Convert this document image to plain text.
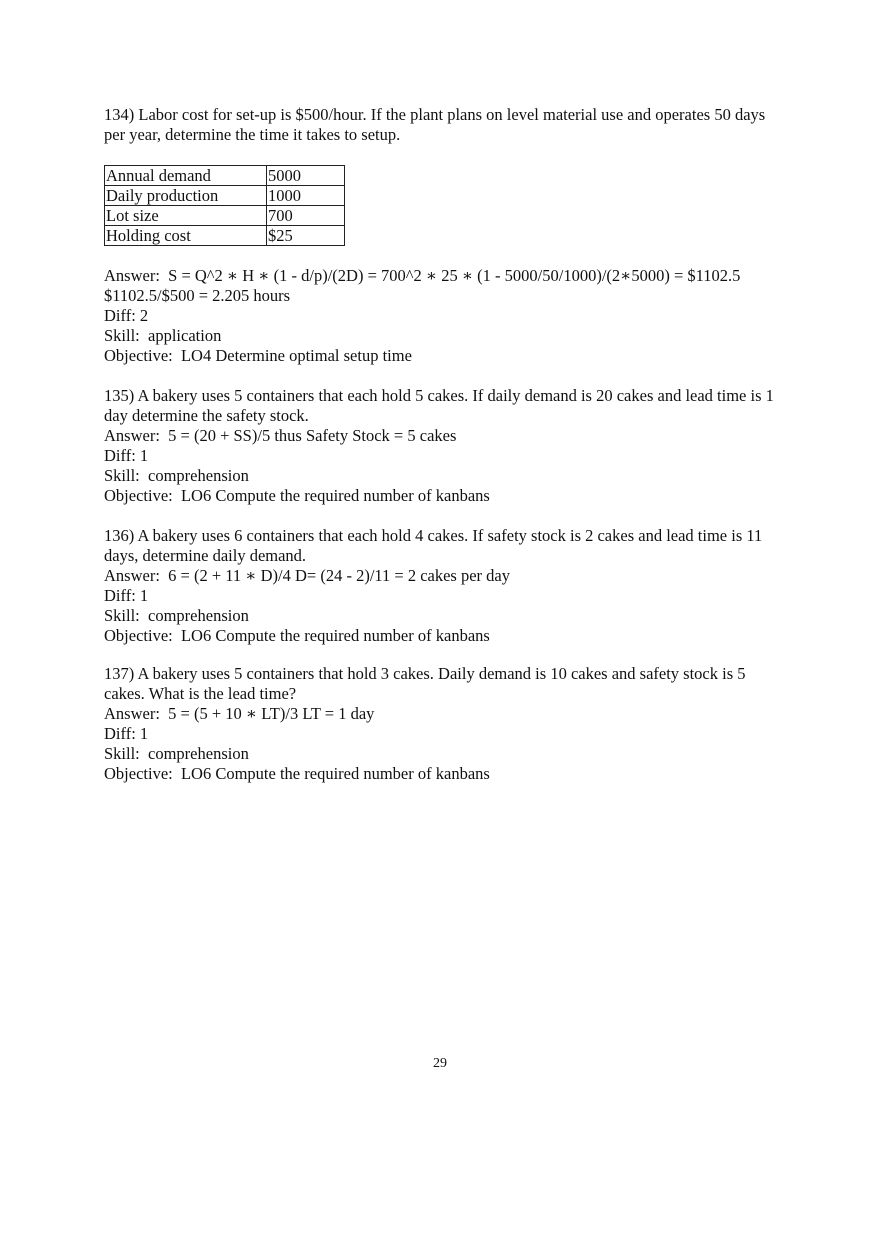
134) Labor cost for set-up is $500/hour. If the plant plans on level material use and operates 50 days per year, determine the time it takes to setup.
Annual demand	5000
Daily production	1000
Lot size	700
Holding cost	$25
Answer:  S = Q^2 ∗ H ∗ (1 - d/p)/(2D) = 700^2 ∗ 25 ∗ (1 - 5000/50/1000)/(2∗5000) = $1102.5
$1102.5/$500 = 2.205 hours
Diff: 2
Skill:  application
Objective:  LO4 Determine optimal setup time
135) A bakery uses 5 containers that each hold 5 cakes. If daily demand is 20 cakes and lead time is 1 day determine the safety stock.
Answer:  5 = (20 + SS)/5 thus Safety Stock = 5 cakes
Diff: 1
Skill:  comprehension
Objective:  LO6 Compute the required number of kanbans
136) A bakery uses 6 containers that each hold 4 cakes. If safety stock is 2 cakes and lead time is 11 days, determine daily demand.
Answer:  6 = (2 + 11 ∗ D)/4 D= (24 - 2)/11 = 2 cakes per day
Diff: 1
Skill:  comprehension
Objective:  LO6 Compute the required number of kanbans
137) A bakery uses 5 containers that hold 3 cakes. Daily demand is 10 cakes and safety stock is 5 cakes. What is the lead time?
Answer:  5 = (5 + 10 ∗ LT)/3 LT = 1 day
Diff: 1
Skill:  comprehension
Objective:  LO6 Compute the required number of kanbans
29
